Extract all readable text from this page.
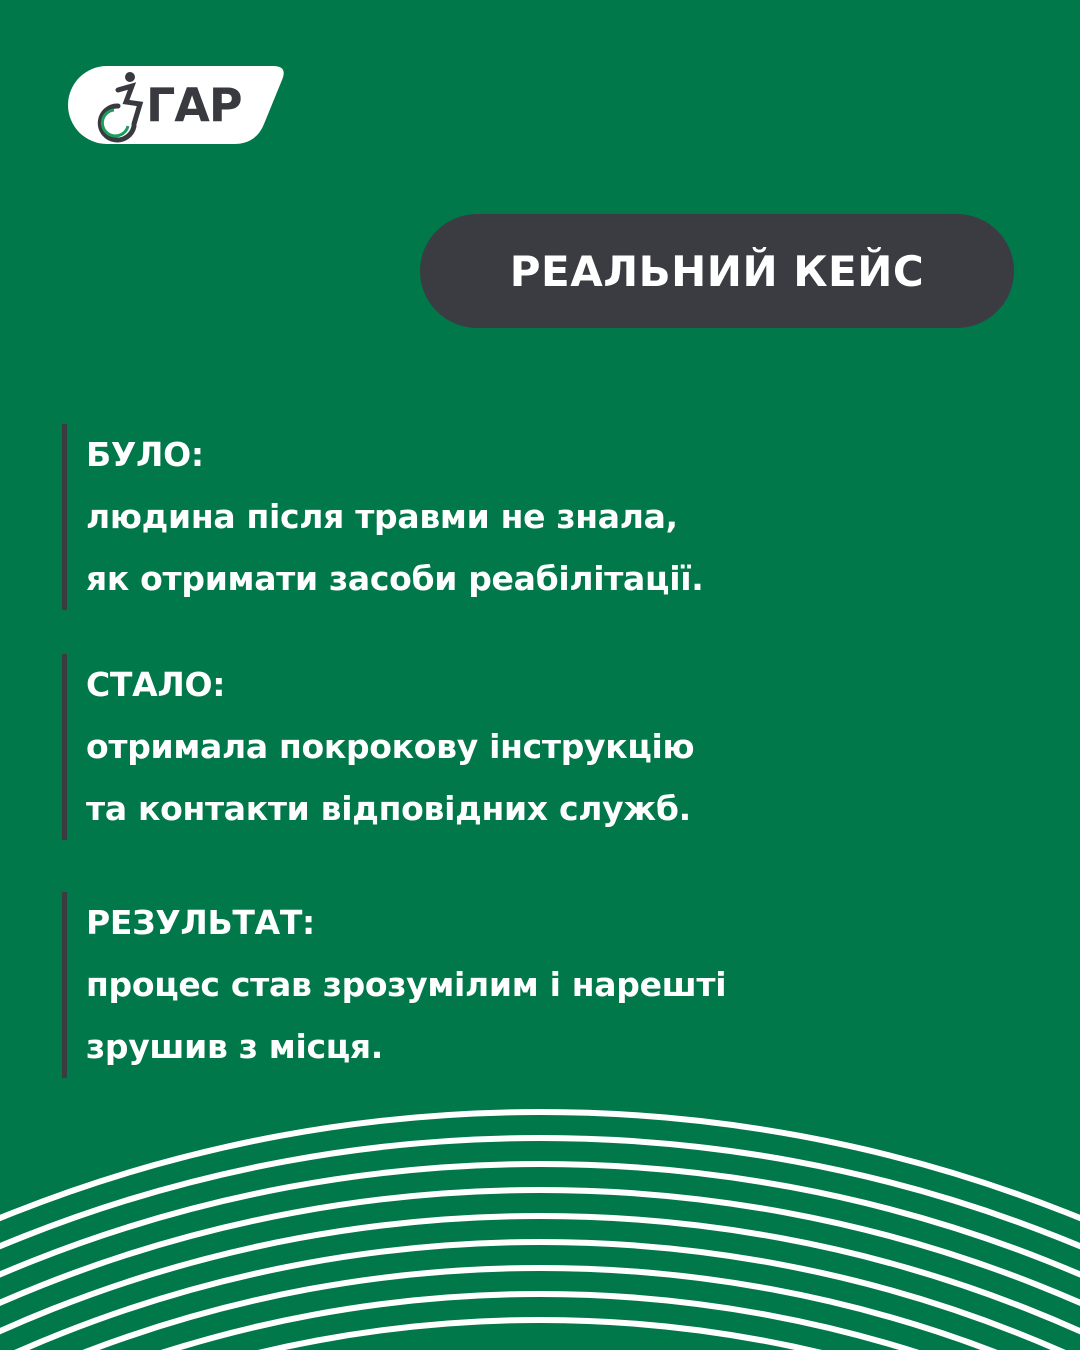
ГАР
РЕАЛЬНИЙ КЕЙС

БУЛО:

людина після травми не знала,

як отримати засоби реабілітації.

СТАЛО:

отримала покрокову інструкцію

та контакти відповідних служб.

РЕЗУЛЬТАТ:

процес став зрозумілим і нарешті

зрушив з місця.
